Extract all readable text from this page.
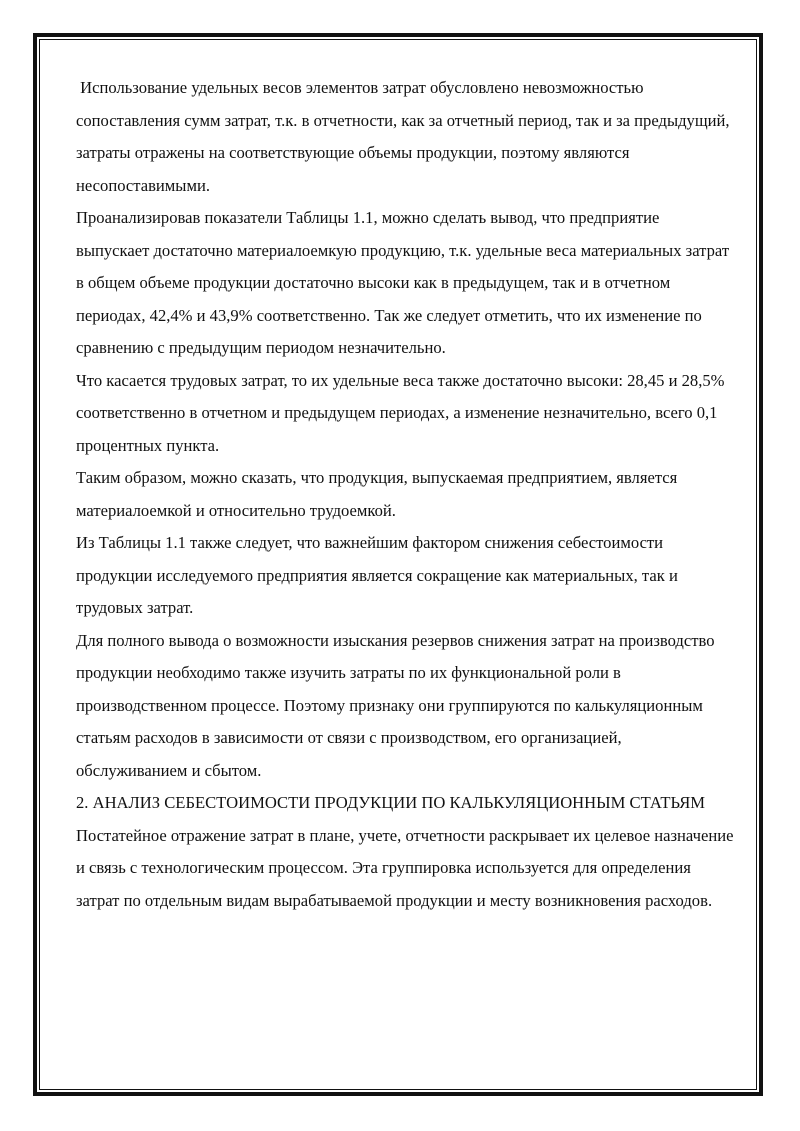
Использование удельных весов элементов затрат обусловлено невозможностью сопоставления сумм затрат, т.к. в отчетности, как за отчетный период, так и за предыдущий, затраты отражены на соответствующие объемы продукции, поэтому являются несопоставимыми.

Проанализировав показатели Таблицы 1.1, можно сделать вывод, что предприятие выпускает достаточно материалоемкую продукцию, т.к. удельные веса материальных затрат в общем объеме продукции достаточно высоки как в предыдущем, так и в отчетном периодах, 42,4% и 43,9% соответственно. Так же следует отметить, что их изменение по сравнению с предыдущим периодом незначительно.

Что касается трудовых затрат, то их удельные веса также достаточно высоки: 28,45 и 28,5% соответственно в отчетном и предыдущем периодах, а изменение незначительно, всего 0,1 процентных пункта.

Таким образом, можно сказать, что продукция, выпускаемая предприятием, является материалоемкой и относительно трудоемкой.

Из Таблицы 1.1 также следует, что важнейшим фактором снижения себестоимости продукции исследуемого предприятия является сокращение как материальных, так и трудовых затрат.

Для полного вывода о возможности изыскания резервов снижения затрат на производство продукции необходимо также изучить затраты по их функциональной роли в производственном процессе. Поэтому признаку они группируются по калькуляционным статьям расходов в зависимости от связи с производством, его организацией, обслуживанием и сбытом.

2. АНАЛИЗ СЕБЕСТОИМОСТИ ПРОДУКЦИИ ПО КАЛЬКУЛЯЦИОННЫМ СТАТЬЯМ

Постатейное отражение затрат в плане, учете, отчетности раскрывает их целевое назначение и связь с технологическим процессом. Эта группировка используется для определения затрат по отдельным видам вырабатываемой продукции и месту возникновения расходов.
